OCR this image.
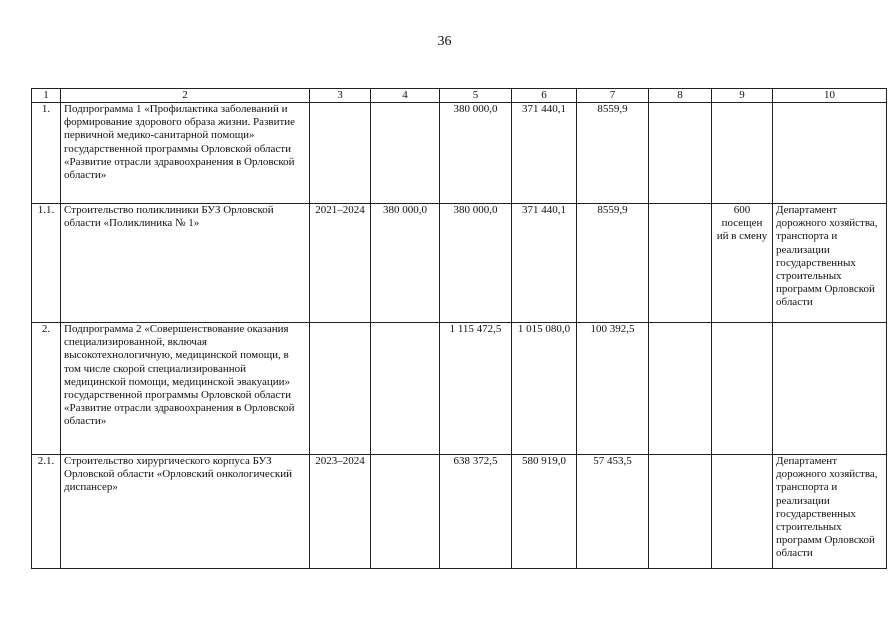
36
1	2	3	4	5	6	7	8	9	10
1.	Подпрограмма 1 «Профилактика заболеваний и формирование здорового образа жизни. Развитие первичной медико-санитарной помощи» государственной программы Орловской области «Развитие отрасли здравоохранения в Орловской области»			380 000,0	371 440,1	8559,9			
1.1.	Строительство поликлиники БУЗ Орловской области «Поликлиника № 1»	2021–2024	380 000,0	380 000,0	371 440,1	8559,9		600 посещен ий в смену	Департамент дорожного хозяйства, транспорта и реализации государственных строительных программ Орловской области
2.	Подпрограмма 2 «Совершенствование оказания специализированной, включая высокотехнологичную, медицинской помощи, в том числе скорой специализированной медицинской помощи, медицинской эвакуации» государственной программы Орловской области «Развитие отрасли здравоохранения в Орловской области»			1 115 472,5	1 015 080,0	100 392,5			
2.1.	Строительство хирургического корпуса БУЗ Орловской области «Орловский онкологический диспансер»	2023–2024		638 372,5	580 919,0	57 453,5			Департамент дорожного хозяйства, транспорта и реализации государственных строительных программ Орловской области
